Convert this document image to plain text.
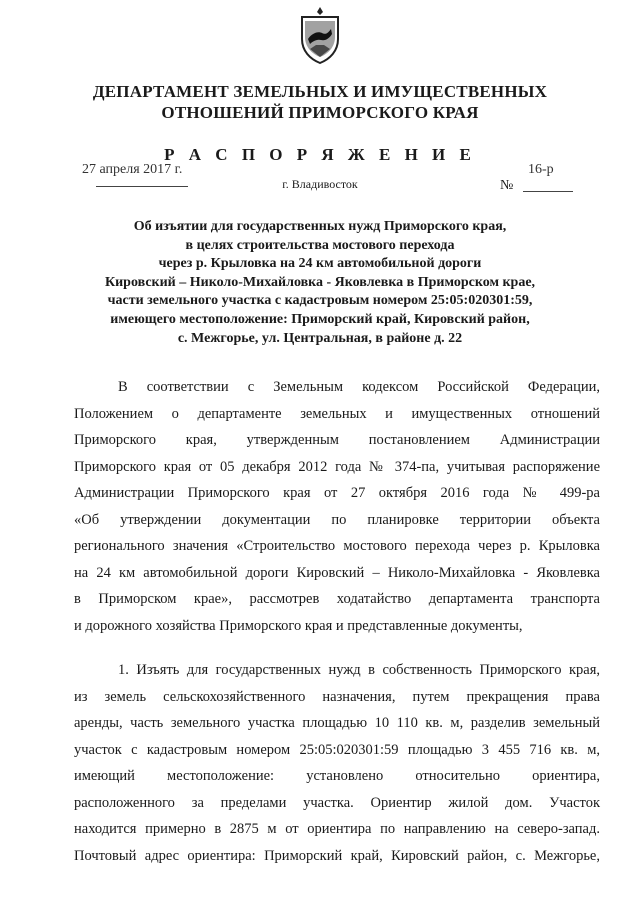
ДЕПАРТАМЕНТ ЗЕМЕЛЬНЫХ И ИМУЩЕСТВЕННЫХ
ОТНОШЕНИЙ ПРИМОРСКОГО КРАЯ
Р А С П О Р Я Ж Е Н И Е
27 апреля 2017 г.
г. Владивосток
16-р
№
Об изъятии для государственных нужд Приморского края,
в целях строительства мостового перехода
через р. Крыловка на 24 км автомобильной дороги
Кировский – Николо-Михайловка - Яковлевка в Приморском крае,
части земельного участка с кадастровым номером 25:05:020301:59,
имеющего местоположение: Приморский край, Кировский район,
с. Межгорье, ул. Центральная, в районе д. 22
В соответствии с Земельным кодексом Российской Федерации,
Положением о департаменте земельных и имущественных отношений
Приморского края, утвержденным постановлением Администрации
Приморского края от 05 декабря 2012 года № 374-па, учитывая распоряжение
Администрации Приморского края от 27 октября 2016 года № 499-ра
«Об утверждении документации по планировке территории объекта
регионального значения «Строительство мостового перехода через р. Крыловка
на 24 км автомобильной дороги Кировский – Николо-Михайловка - Яковлевка
в Приморском крае», рассмотрев ходатайство департамента транспорта
и дорожного хозяйства Приморского края и представленные документы,
1. Изъять для государственных нужд в собственность Приморского края,
из земель сельскохозяйственного назначения, путем прекращения права
аренды, часть земельного участка площадью 10 110 кв. м, разделив земельный
участок с кадастровым номером 25:05:020301:59 площадью 3 455 716 кв. м,
имеющий местоположение: установлено относительно ориентира,
расположенного за пределами участка. Ориентир жилой дом. Участок
находится примерно в 2875 м от ориентира по направлению на северо-запад.
Почтовый адрес ориентира: Приморский край, Кировский район, с. Межгорье,
